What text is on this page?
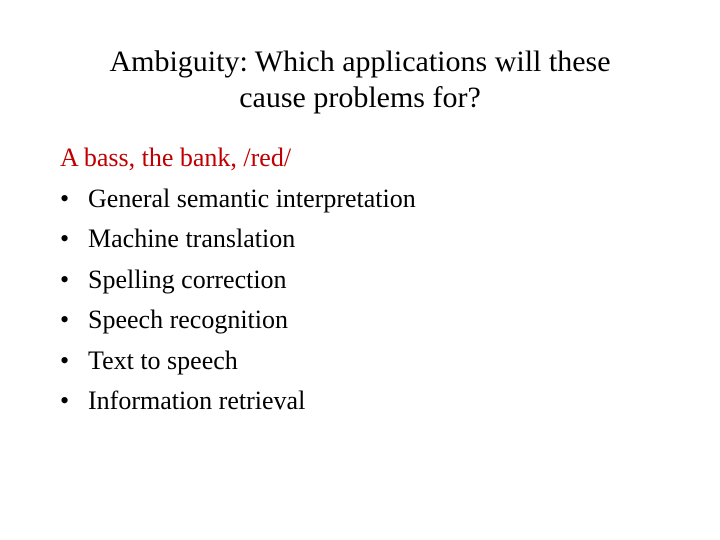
Ambiguity: Which applications will these
cause problems for?
A bass, the bank, /red/
• General semantic interpretation
• Machine translation
• Spelling correction
• Speech recognition
• Text to speech
• Information retrieval
